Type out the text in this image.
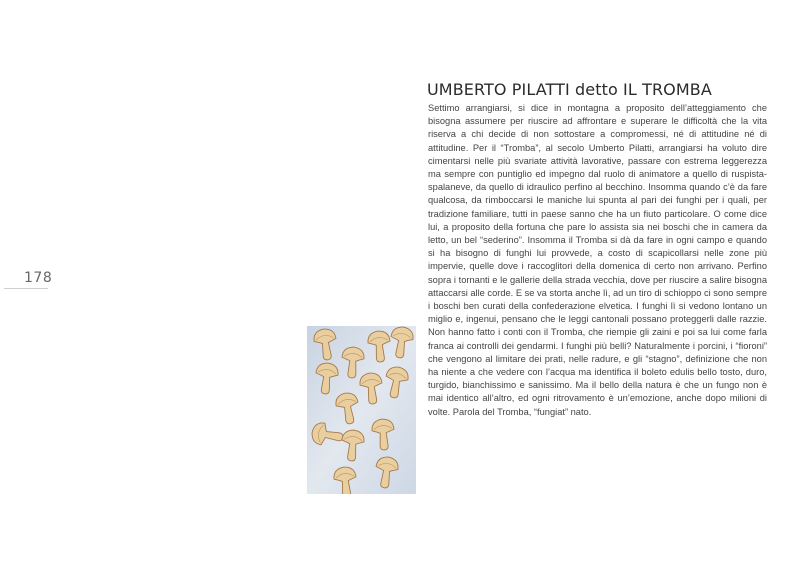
178
UMBERTO PILATTI detto IL TROMBA
Settimo arrangiarsi, si dice in montagna a proposito dell’atteggiamento che bisogna assumere per riuscire ad affrontare e superare le difficoltà che la vita riserva a chi decide di non sottostare a compromessi, né di attitudine né di attitudine. Per il “Tromba”, al secolo Umberto Pilatti, arrangiarsi ha voluto dire cimentarsi nelle più svariate attività lavorative, passare con estrema leggerezza ma sempre con puntiglio ed impegno dal ruolo di animatore a quello di ruspista-spalaneve, da quello di idraulico perfino al becchino. Insomma quando c’è da fare qualcosa, da rimboccarsi le maniche lui spunta al pari dei funghi per i quali, per tradizione familiare, tutti in paese sanno che ha un fiuto particolare. O come dice lui, a proposito della fortuna che pare lo assista sia nei boschi che in camera da letto, un bel “sederino”. Insomma il Tromba si dà da fare in ogni campo e quando si ha bisogno di funghi lui provvede, a costo di scapicollarsi nelle zone più impervie, quelle dove i raccoglitori della domenica di certo non arrivano. Perfino sopra i tornanti e le gallerie della strada vecchia, dove per riuscire a salire bisogna attaccarsi alle corde. E se va storta anche lì, ad un tiro di schioppo ci sono sempre i boschi ben curati della confederazione elvetica. I funghi lì si vedono lontano un miglio e, ingenui, pensano che le leggi cantonali possano proteggerli dalle razzie. Non hanno fatto i conti con il Tromba, che riempie gli zaini e poi sa lui come farla franca ai controlli dei gendarmi. I funghi più belli? Naturalmente i porcini, i “fioroni” che vengono al limitare dei prati, nelle radure, e gli “stagno”, definizione che non ha niente a che vedere con l’acqua ma identifica il boleto edulis bello tosto, duro, turgido, bianchissimo e sanissimo. Ma il bello della natura è che un fungo non è mai identico all’altro, ed ogni ritrovamento è un’emozione, anche dopo milioni di volte. Parola del Tromba, “fungiat” nato.
